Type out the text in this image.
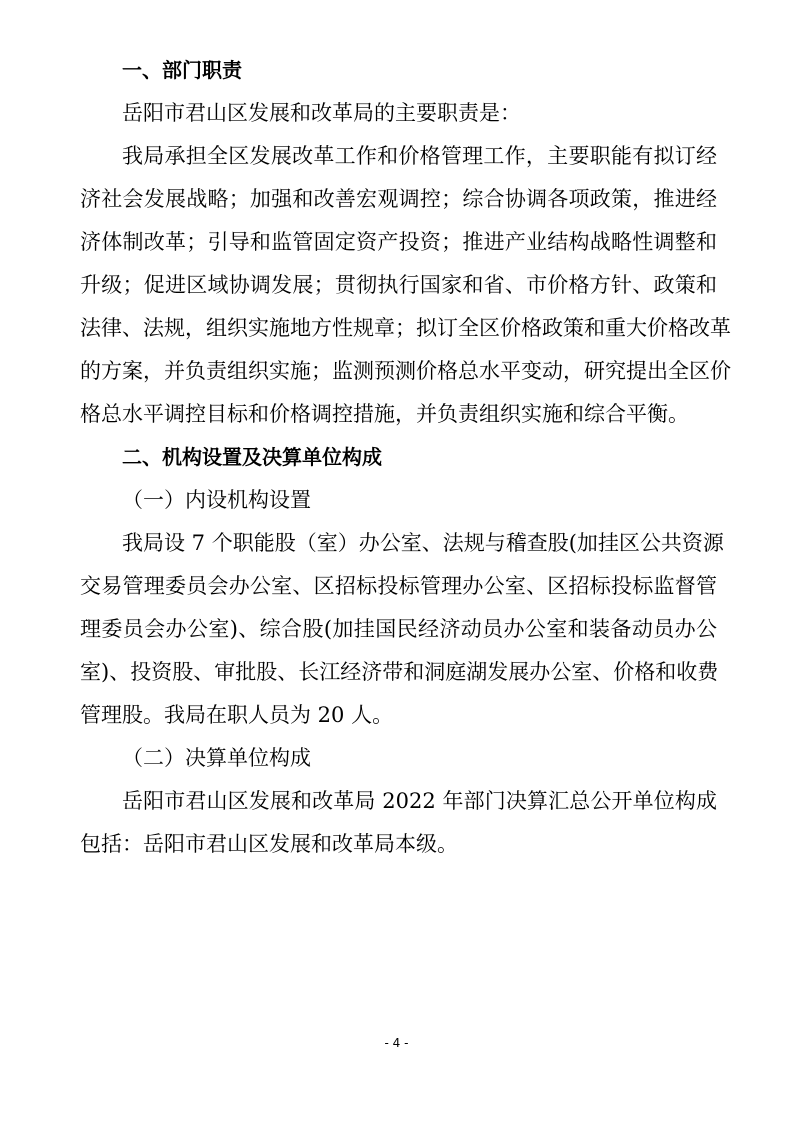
一、部门职责
岳阳市君山区发展和改革局的主要职责是：
我局承担全区发展改革工作和价格管理工作，主要职能有拟订经
济社会发展战略；加强和改善宏观调控；综合协调各项政策，推进经
济体制改革；引导和监管固定资产投资；推进产业结构战略性调整和
升级；促进区域协调发展；贯彻执行国家和省、市价格方针、政策和
法律、法规，组织实施地方性规章；拟订全区价格政策和重大价格改革
的方案，并负责组织实施；监测预测价格总水平变动，研究提出全区价
格总水平调控目标和价格调控措施，并负责组织实施和综合平衡。
二、机构设置及决算单位构成
（一）内设机构设置
我局设 7 个职能股（室）办公室、法规与稽查股(加挂区公共资源
交易管理委员会办公室、区招标投标管理办公室、区招标投标监督管
理委员会办公室)、综合股(加挂国民经济动员办公室和装备动员办公
室)、投资股、审批股、长江经济带和洞庭湖发展办公室、价格和收费
管理股。我局在职人员为 20 人。
（二）决算单位构成
岳阳市君山区发展和改革局 2022 年部门决算汇总公开单位构成
包括：岳阳市君山区发展和改革局本级。
- 4 -
